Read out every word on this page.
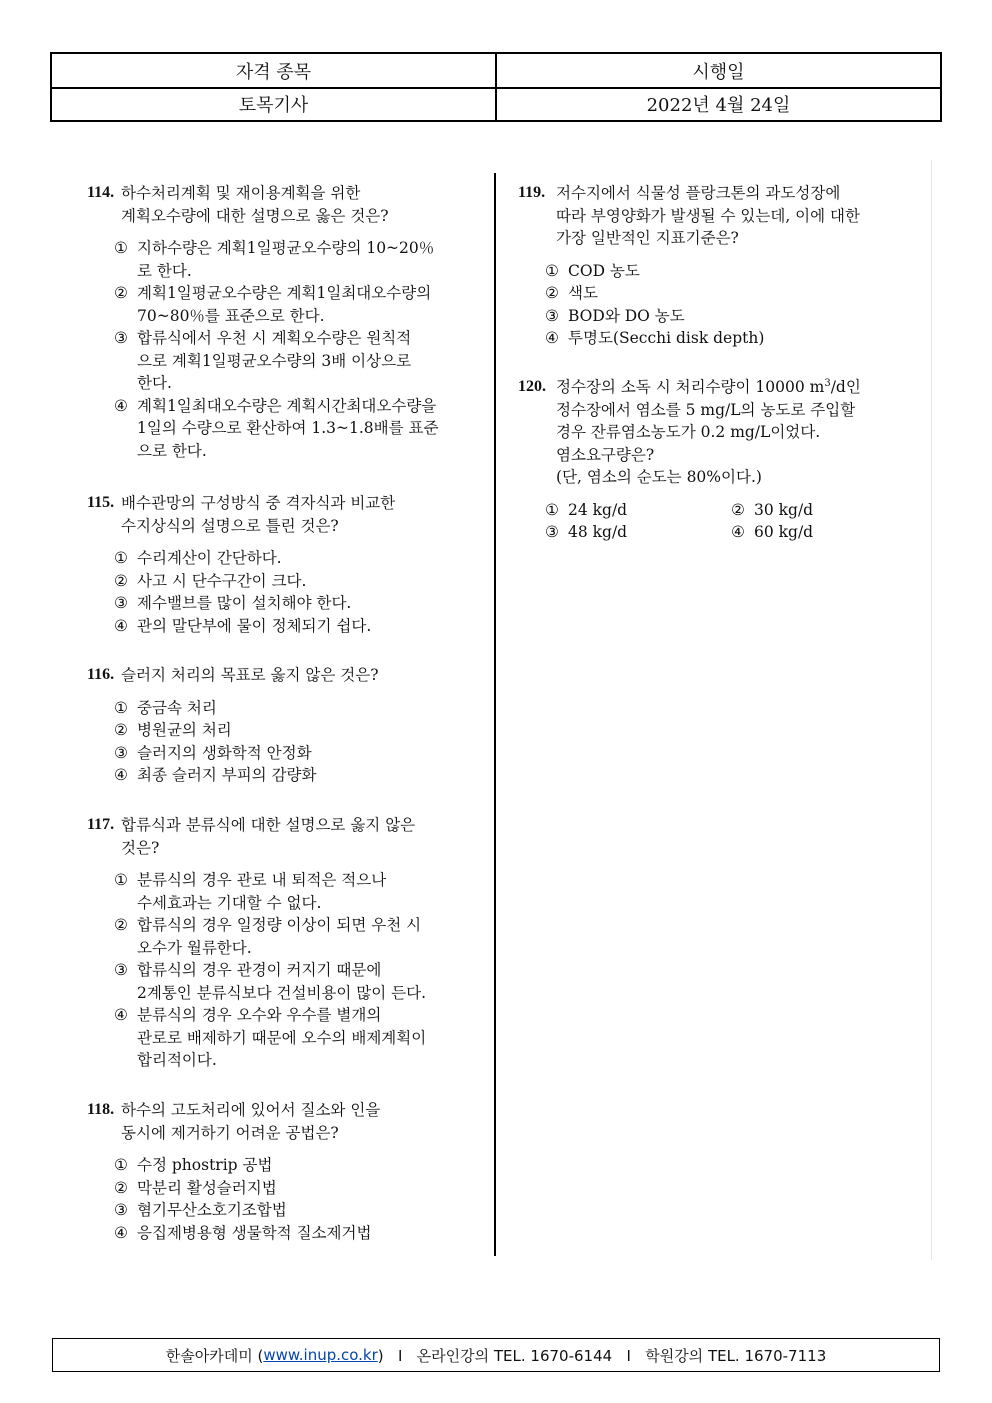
자격 종목	시행일
토목기사	2022년 4월 24일
114. 하수처리계획 및 재이용계획을 위한
계획오수량에 대한 설명으로 옳은 것은?
① 지하수량은 계획1일평균오수량의 10~20％
로 한다.
② 계획1일평균오수량은 계획1일최대오수량의
70~80％를 표준으로 한다.
③ 합류식에서 우천 시 계획오수량은 원칙적
으로 계획1일평균오수량의 3배 이상으로
한다.
④ 계획1일최대오수량은 계획시간최대오수량을
1일의 수량으로 환산하여 1.3~1.8배를 표준
으로 한다.
115. 배수관망의 구성방식 중 격자식과 비교한
수지상식의 설명으로 틀린 것은?
① 수리계산이 간단하다.
② 사고 시 단수구간이 크다.
③ 제수밸브를 많이 설치해야 한다.
④ 관의 말단부에 물이 정체되기 쉽다.
116. 슬러지 처리의 목표로 옳지 않은 것은?
① 중금속 처리
② 병원균의 처리
③ 슬러지의 생화학적 안정화
④ 최종 슬러지 부피의 감량화
117. 합류식과 분류식에 대한 설명으로 옳지 않은
것은?
① 분류식의 경우 관로 내 퇴적은 적으나
수세효과는 기대할 수 없다.
② 합류식의 경우 일정량 이상이 되면 우천 시
오수가 월류한다.
③ 합류식의 경우 관경이 커지기 때문에
2계통인 분류식보다 건설비용이 많이 든다.
④ 분류식의 경우 오수와 우수를 별개의
관로로 배제하기 때문에 오수의 배제계획이
합리적이다.
118. 하수의 고도처리에 있어서 질소와 인을
동시에 제거하기 어려운 공법은?
① 수정 phostrip 공법
② 막분리 활성슬러지법
③ 혐기무산소호기조합법
④ 응집제병용형 생물학적 질소제거법
119. 저수지에서 식물성 플랑크톤의 과도성장에
따라 부영양화가 발생될 수 있는데, 이에 대한
가장 일반적인 지표기준은?
① COD 농도
② 색도
③ BOD와 DO 농도
④ 투명도(Secchi disk depth)
120. 정수장의 소독 시 처리수량이 10000 $m^3/d$인
정수장에서 염소를 5 mg/L의 농도로 주입할
경우 잔류염소농도가 0.2 mg/L이었다.
염소요구량은?
(단, 염소의 순도는 80%이다.)
① 24 kg/d	② 30 kg/d
③ 48 kg/d	④ 60 kg/d
한솔아카데미 ( www.inup.co.kr )   I   온라인강의 TEL. 1670-6144   I   학원강의 TEL. 1670-7113
